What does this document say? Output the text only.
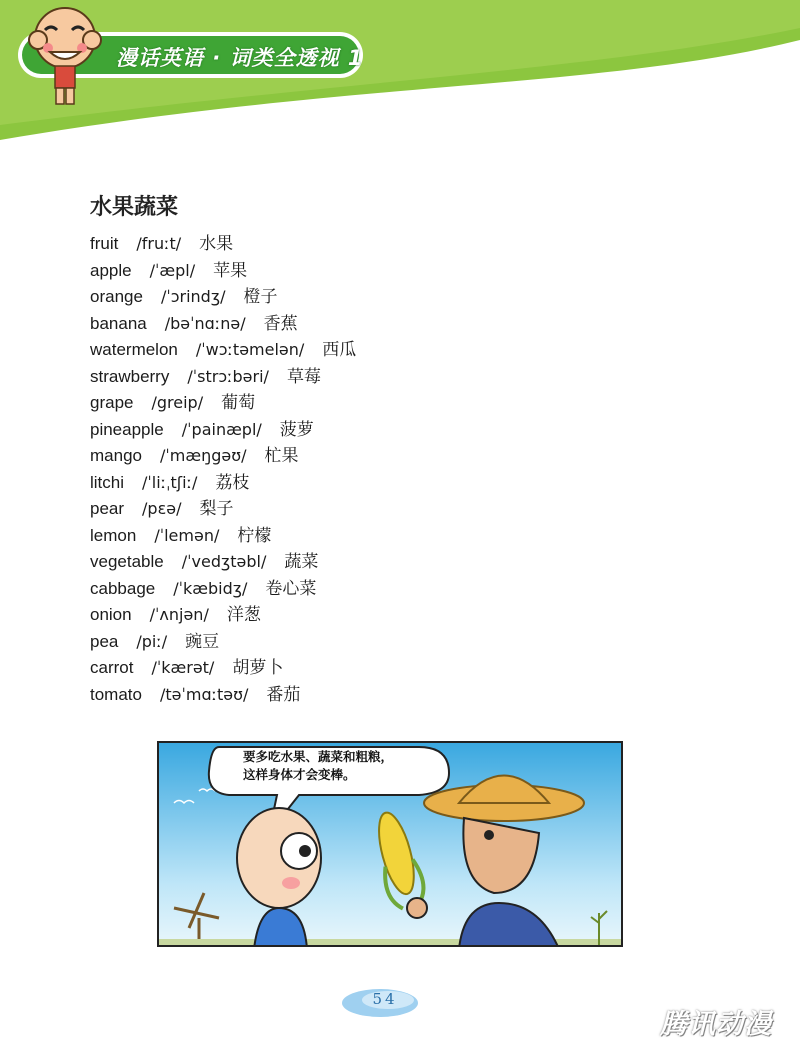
漫话英语 · 词类全透视 1
水果蔬菜
fruit /fruːt/ 水果
apple /ˈæpl/ 苹果
orange /ˈɔrindʒ/ 橙子
banana /bəˈnɑːnə/ 香蕉
watermelon /ˈwɔːtəmelən/ 西瓜
strawberry /ˈstrɔːbəri/ 草莓
grape /greip/ 葡萄
pineapple /ˈpainæpl/ 菠萝
mango /ˈmæŋgəʊ/ 杧果
litchi /ˈliːˌtʃiː/ 荔枝
pear /pɛə/ 梨子
lemon /ˈlemən/ 柠檬
vegetable /ˈvedʒtəbl/ 蔬菜
cabbage /ˈkæbidʒ/ 卷心菜
onion /ˈʌnjən/ 洋葱
pea /piː/ 豌豆
carrot /ˈkærət/ 胡萝卜
tomato /təˈmɑːtəʊ/ 番茄
要多吃水果、蔬菜和粗粮，
这样身体才会变棒。
54
腾讯动漫
